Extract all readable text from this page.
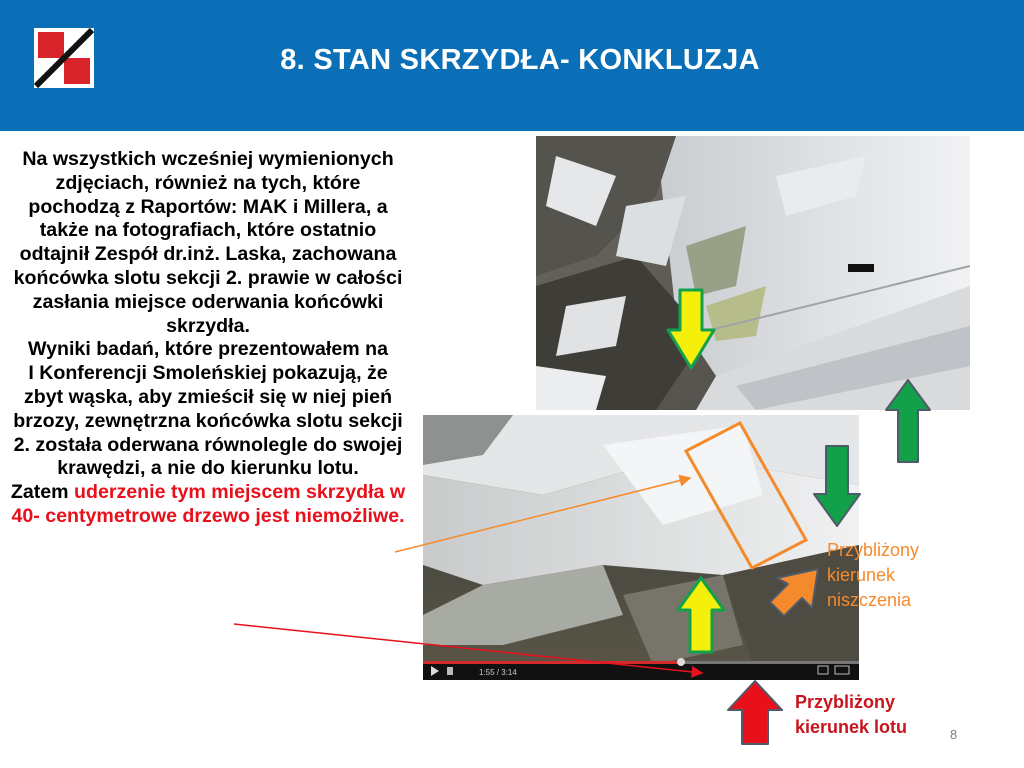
8. STAN SKRZYDŁA- KONKLUZJA

Na wszystkich wcześniej wymienionych zdjęciach, również na tych, które pochodzą z Raportów: MAK i Millera, a także na fotografiach, które ostatnio odtajnił Zespół dr.inż. Laska, zachowana końcówka slotu sekcji 2. prawie w całości zasłania miejsce oderwania końcówki skrzydła.

Wyniki badań, które prezentowałem na

I Konferencji Smoleńskiej pokazują, że zbyt wąska, aby zmieścił się w niej pień brzozy, zewnętrzna końcówka slotu sekcji 2. została oderwana równolegle do swojej krawędzi, a nie do kierunku lotu.

Zatem uderzenie tym miejscem skrzydła w 40- centymetrowe drzewo jest niemożliwe.

1:55 / 3:14
Przybliżony kierunek niszczenia
Przybliżony
kierunek lotu	8
